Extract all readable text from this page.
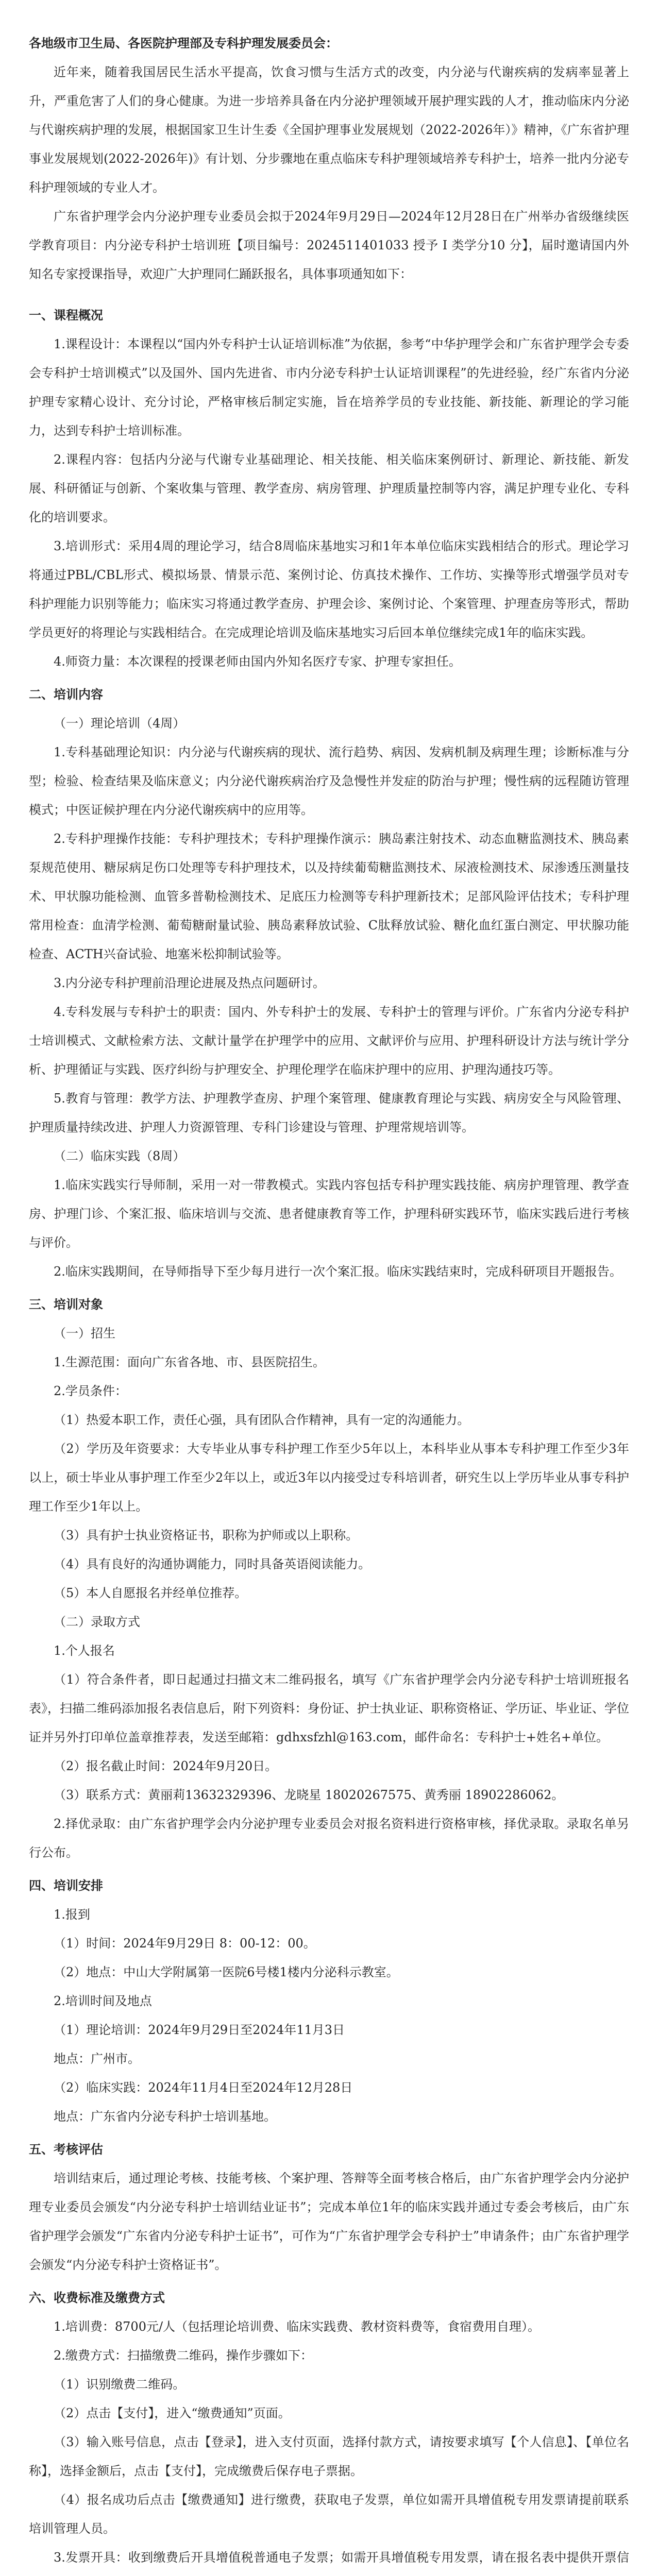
各地级市卫生局、各医院护理部及专科护理发展委员会：

近年来，随着我国居民生活水平提高，饮食习惯与生活方式的改变，内分泌与代谢疾病的发病率显著上升，严重危害了人们的身心健康。为进一步培养具备在内分泌护理领域开展护理实践的人才，推动临床内分泌与代谢疾病护理的发展，根据国家卫生计生委《全国护理事业发展规划（2022-2026年）》精神，《广东省护理事业发展规划(2022-2026年)》有计划、分步骤地在重点临床专科护理领域培养专科护士，培养一批内分泌专科护理领域的专业人才。

广东省护理学会内分泌护理专业委员会拟于2024年9月29日—2024年12月28日在广州举办省级继续医学教育项目：内分泌专科护士培训班【项目编号：2024511401033 授予 I 类学分10 分】，届时邀请国内外知名专家授课指导，欢迎广大护理同仁踊跃报名，具体事项通知如下：

一、课程概况

1.课程设计：本课程以“国内外专科护士认证培训标准”为依据，参考“中华护理学会和广东省护理学会专委会专科护士培训模式”以及国外、国内先进省、市内分泌专科护士认证培训课程”的先进经验，经广东省内分泌护理专家精心设计、充分讨论，严格审核后制定实施，旨在培养学员的专业技能、新技能、新理论的学习能力，达到专科护士培训标准。

2.课程内容：包括内分泌与代谢专业基础理论、相关技能、相关临床案例研讨、新理论、新技能、新发展、科研循证与创新、个案收集与管理、教学查房、病房管理、护理质量控制等内容，满足护理专业化、专科化的培训要求。

3.培训形式：采用4周的理论学习，结合8周临床基地实习和1年本单位临床实践相结合的形式。理论学习将通过PBL/CBL形式、模拟场景、情景示范、案例讨论、仿真技术操作、工作坊、实操等形式增强学员对专科护理能力识别等能力；临床实习将通过教学查房、护理会诊、案例讨论、个案管理、护理查房等形式，帮助学员更好的将理论与实践相结合。在完成理论培训及临床基地实习后回本单位继续完成1年的临床实践。

4.师资力量：本次课程的授课老师由国内外知名医疗专家、护理专家担任。

二、培训内容

（一）理论培训（4周）

1.专科基础理论知识：内分泌与代谢疾病的现状、流行趋势、病因、发病机制及病理生理；诊断标准与分型；检验、检查结果及临床意义；内分泌代谢疾病治疗及急慢性并发症的防治与护理；慢性病的远程随访管理模式；中医证候护理在内分泌代谢疾病中的应用等。

2.专科护理操作技能：专科护理技术；专科护理操作演示：胰岛素注射技术、动态血糖监测技术、胰岛素泵规范使用、糖尿病足伤口处理等专科护理技术，以及持续葡萄糖监测技术、尿液检测技术、尿渗透压测量技术、甲状腺功能检测、血管多普勒检测技术、足底压力检测等专科护理新技术；足部风险评估技术；专科护理常用检查：血清学检测、葡萄糖耐量试验、胰岛素释放试验、C肽释放试验、糖化血红蛋白测定、甲状腺功能检查、ACTH兴奋试验、地塞米松抑制试验等。

3.内分泌专科护理前沿理论进展及热点问题研讨。

4.专科发展与专科护士的职责：国内、外专科护士的发展、专科护士的管理与评价。广东省内分泌专科护士培训模式、文献检索方法、文献计量学在护理学中的应用、文献评价与应用、护理科研设计方法与统计学分析、护理循证与实践、医疗纠纷与护理安全、护理伦理学在临床护理中的应用、护理沟通技巧等。

5.教育与管理：教学方法、护理教学查房、护理个案管理、健康教育理论与实践、病房安全与风险管理、护理质量持续改进、护理人力资源管理、专科门诊建设与管理、护理常规培训等。

（二）临床实践（8周）

1.临床实践实行导师制，采用一对一带教模式。实践内容包括专科护理实践技能、病房护理管理、教学查房、护理门诊、个案汇报、临床培训与交流、患者健康教育等工作，护理科研实践环节，临床实践后进行考核与评价。

2.临床实践期间，在导师指导下至少每月进行一次个案汇报。临床实践结束时，完成科研项目开题报告。

三、培训对象

（一）招生

1.生源范围：面向广东省各地、市、县医院招生。

2.学员条件：

（1）热爱本职工作，责任心强，具有团队合作精神，具有一定的沟通能力。

（2）学历及年资要求：大专毕业从事专科护理工作至少5年以上，本科毕业从事本专科护理工作至少3年以上，硕士毕业从事护理工作至少2年以上，或近3年以内接受过专科培训者，研究生以上学历毕业从事专科护理工作至少1年以上。

（3）具有护士执业资格证书，职称为护师或以上职称。

（4）具有良好的沟通协调能力，同时具备英语阅读能力。

（5）本人自愿报名并经单位推荐。

（二）录取方式

1.个人报名

（1）符合条件者，即日起通过扫描文末二维码报名，填写《广东省护理学会内分泌专科护士培训班报名表》，扫描二维码添加报名表信息后，附下列资料：身份证、护士执业证、职称资格证、学历证、毕业证、学位证并另外打印单位盖章推荐表，发送至邮箱：gdhxsfzhl@163.com，邮件命名：专科护士+姓名+单位。

（2）报名截止时间：2024年9月20日。

（3）联系方式：黄丽莉13632329396、龙晓星 18020267575、黄秀丽 18902286062。

2.择优录取：由广东省护理学会内分泌护理专业委员会对报名资料进行资格审核，择优录取。录取名单另行公布。

四、培训安排

1.报到

（1）时间：2024年9月29日 8：00-12：00。

（2）地点：中山大学附属第一医院6号楼1楼内分泌科示教室。

2.培训时间及地点

（1）理论培训：2024年9月29日至2024年11月3日

地点：广州市。

（2）临床实践：2024年11月4日至2024年12月28日

地点：广东省内分泌专科护士培训基地。

五、考核评估

培训结束后，通过理论考核、技能考核、个案护理、答辩等全面考核合格后，由广东省护理学会内分泌护理专业委员会颁发“内分泌专科护士培训结业证书”；完成本单位1年的临床实践并通过专委会考核后，由广东省护理学会颁发“广东省内分泌专科护士证书”，可作为“广东省护理学会专科护士”申请条件；由广东省护理学会颁发“内分泌专科护士资格证书”。

六、收费标准及缴费方式

1.培训费：8700元/人（包括理论培训费、临床实践费、教材资料费等，食宿费用自理）。

2.缴费方式：扫描缴费二维码，操作步骤如下：

（1）识别缴费二维码。

（2）点击【支付】，进入“缴费通知”页面。

（3）输入账号信息，点击【登录】，进入支付页面，选择付款方式，请按要求填写【个人信息】、【单位名称】，选择金额后，点击【支付】，完成缴费后保存电子票据。

（4）报名成功后点击【缴费通知】进行缴费，获取电子发票，单位如需开具增值税专用发票请提前联系培训管理人员。

3.发票开具：收到缴费后开具增值税普通电子发票；如需开具增值税专用发票，请在报名表中提供开票信
